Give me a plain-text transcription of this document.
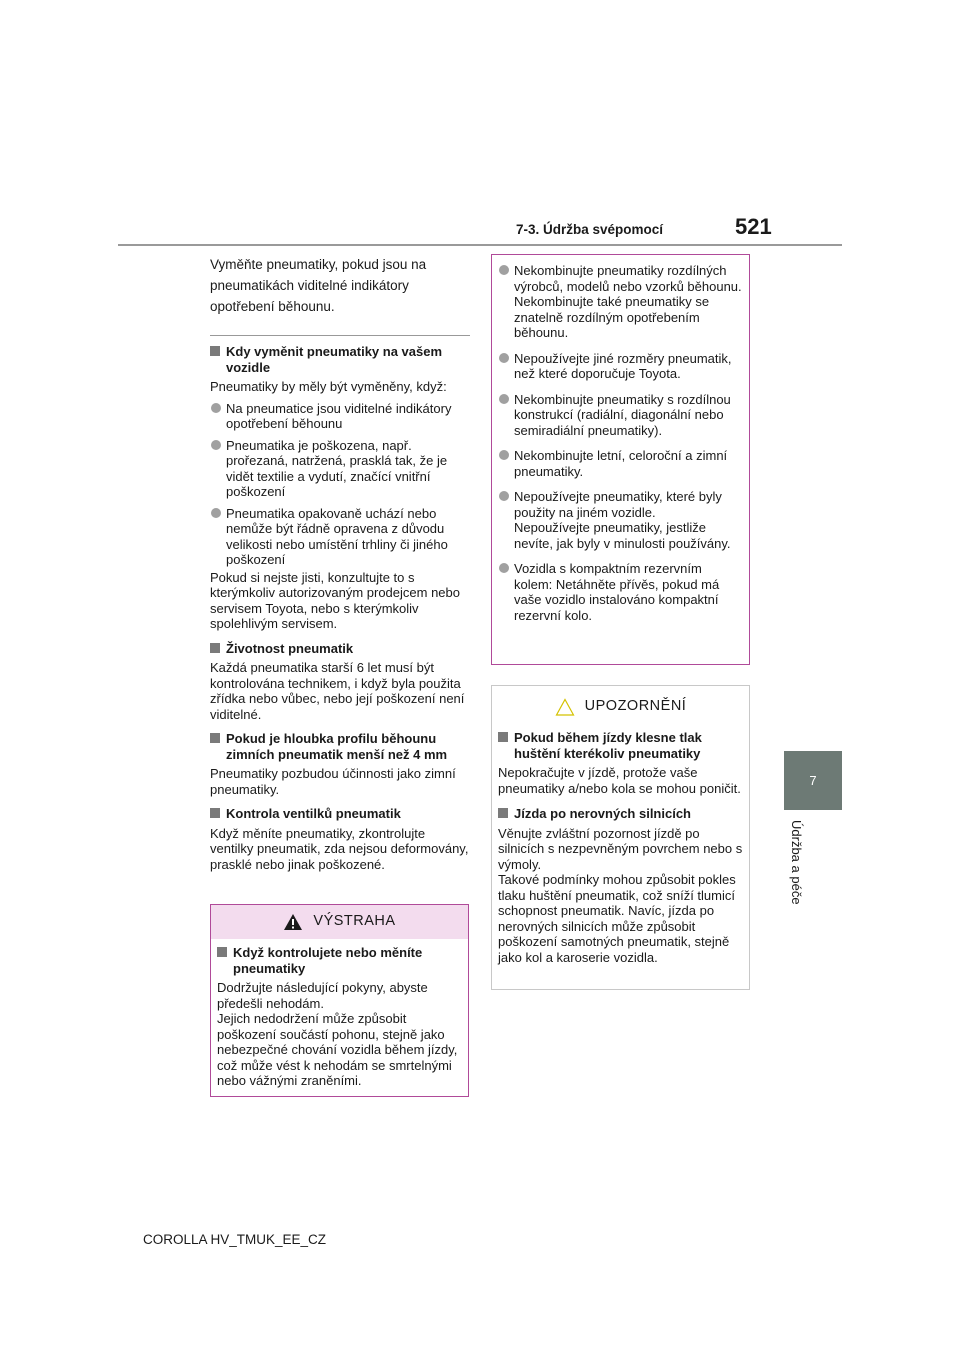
7-3. Údržba svépomocí	521
7
Údržba a péče

Vyměňte pneumatiky, pokud jsou na pneumatikách viditelné indikátory opotřebení běhounu.

Kdy vyměnit pneumatiky na vašem vozidle

Pneumatiky by měly být vyměněny, když:

Na pneumatice jsou viditelné indikátory opotřebení běhounu
Pneumatika je poškozena, např. prořezaná, natržená, prasklá tak, že je vidět textilie a vydutí, značící vnitřní poškození
Pneumatika opakovaně uchází nebo nemůže být řádně opravena z důvodu velikosti nebo umístění trhliny či jiného poškození

Pokud si nejste jisti, konzultujte to s kterýmkoliv autorizovaným prodejcem nebo servisem Toyota, nebo s kterýmkoliv spolehlivým servisem.

Životnost pneumatik

Každá pneumatika starší 6 let musí být kontrolována technikem, i když byla použita zřídka nebo vůbec, nebo její poškození není viditelné.

Pokud je hloubka profilu běhounu zimních pneumatik menší než 4 mm

Pneumatiky pozbudou účinnosti jako zimní pneumatiky.

Kontrola ventilků pneumatik

Když měníte pneumatiky, zkontrolujte ventilky pneumatik, zda nejsou deformovány, prasklé nebo jinak poškozené.

VÝSTRAHA
Když kontrolujete nebo měníte pneumatiky

Dodržujte následující pokyny, abyste předešli nehodám.

Jejich nedodržení může způsobit poškození součástí pohonu, stejně jako nebezpečné chování vozidla během jízdy, což může vést k nehodám se smrtelnými nebo vážnými zraněními.

Nekombinujte pneumatiky rozdílných výrobců, modelů nebo vzorků běhounu.
Nekombinujte také pneumatiky se znatelně rozdílným opotřebením běhounu.
Nepoužívejte jiné rozměry pneumatik, než které doporučuje Toyota.
Nekombinujte pneumatiky s rozdílnou konstrukcí (radiální, diagonální nebo semiradiální pneumatiky).
Nekombinujte letní, celoroční a zimní pneumatiky.
Nepoužívejte pneumatiky, které byly použity na jiném vozidle.
Nepoužívejte pneumatiky, jestliže nevíte, jak byly v minulosti používány.
Vozidla s kompaktním rezervním kolem: Netáhněte přívěs, pokud má vaše vozidlo instalováno kompaktní rezervní kolo.
UPOZORNĚNÍ
Pokud během jízdy klesne tlak huštění kterékoliv pneumatiky

Nepokračujte v jízdě, protože vaše pneumatiky a/nebo kola se mohou poničit.

Jízda po nerovných silnicích

Věnujte zvláštní pozornost jízdě po silnicích s nezpevněným povrchem nebo s výmoly.

Takové podmínky mohou způsobit pokles tlaku huštění pneumatik, což sníží tlumicí schopnost pneumatik. Navíc, jízda po nerovných silnicích může způsobit poškození samotných pneumatik, stejně jako kol a karoserie vozidla.

COROLLA HV_TMUK_EE_CZ
